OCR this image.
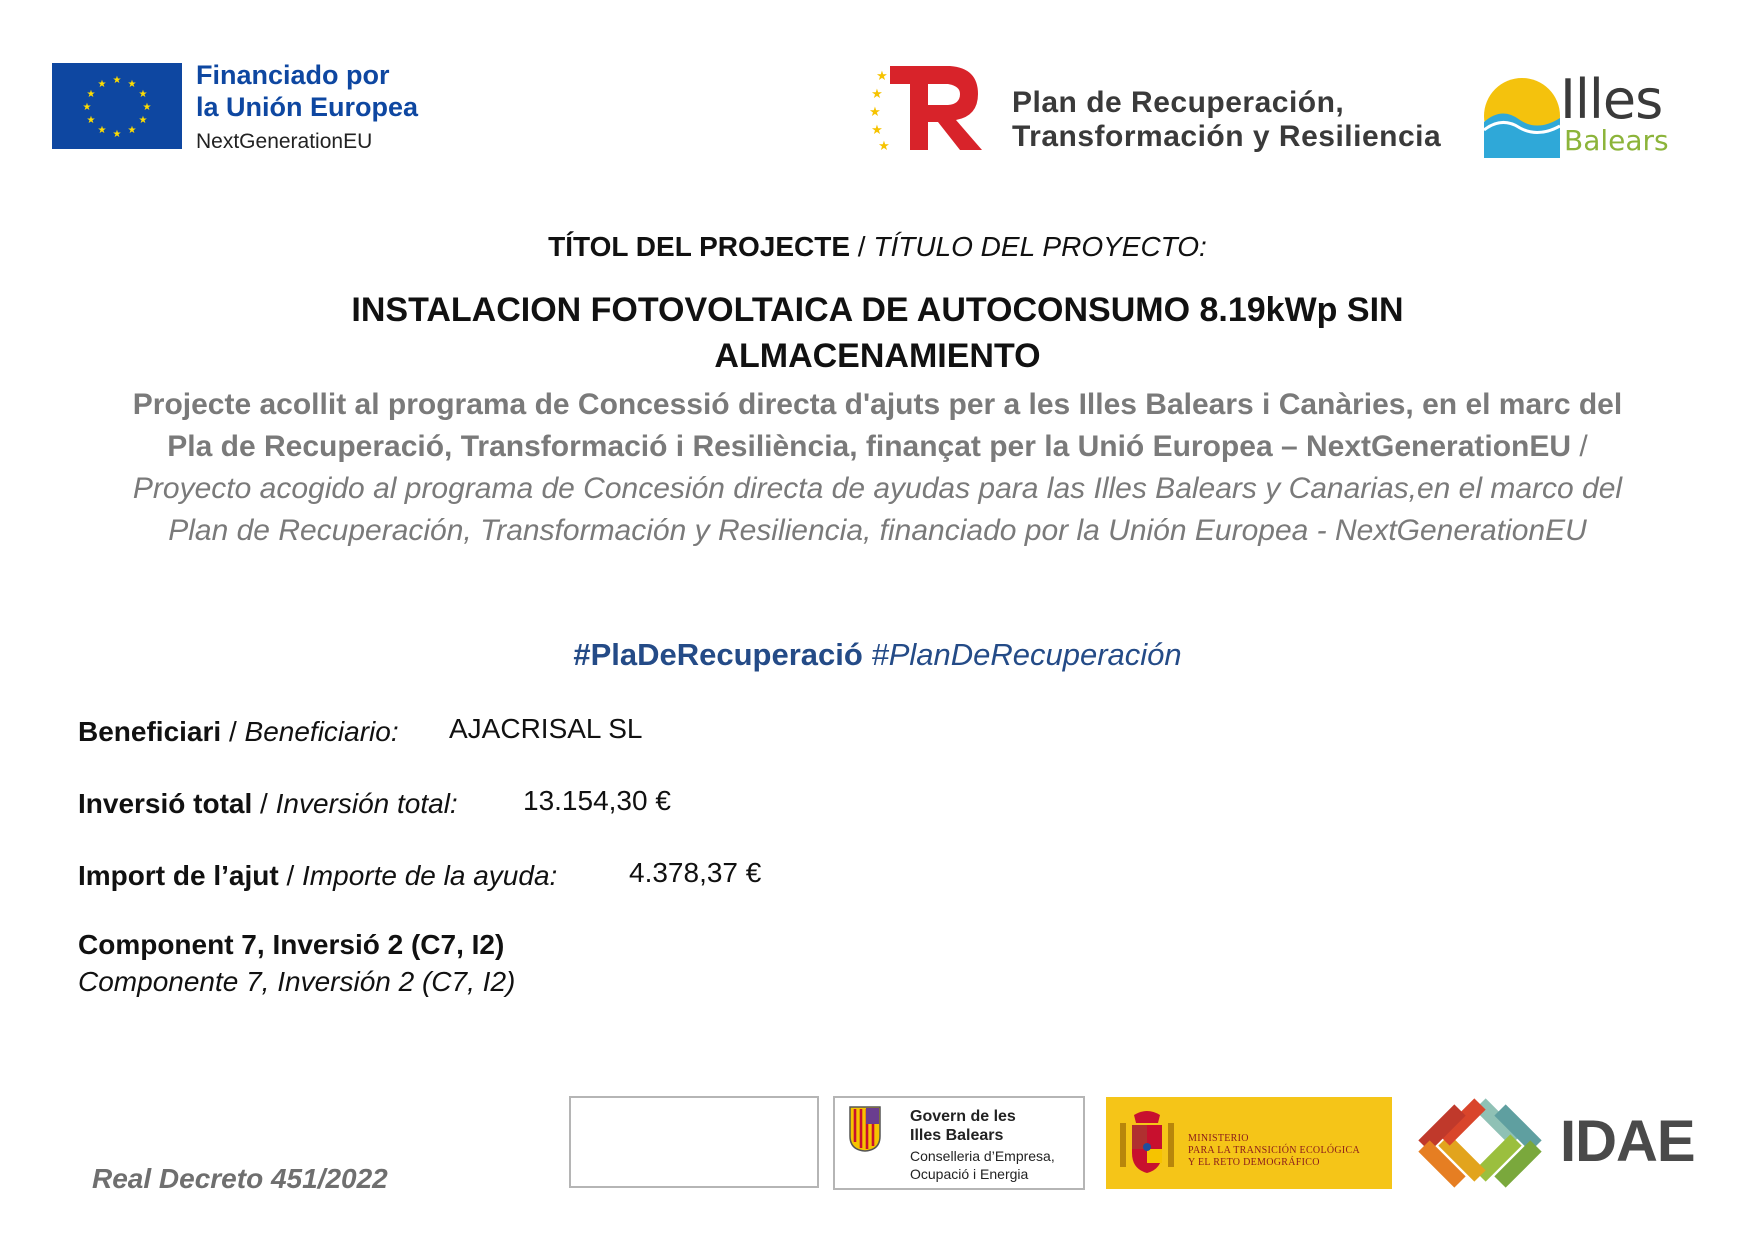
★ ★
★
★
★
★
★
★
★
★
★
★	Financiado por
la Unión Europea
NextGenerationEU
★
★
★
★
★
Plan de Recuperación,
Transformación y Resiliencia
Illes
Balears
TÍTOL DEL PROJECTE / TÍTULO DEL PROYECTO:
INSTALACION FOTOVOLTAICA DE AUTOCONSUMO 8.19kWp SIN ALMACENAMIENTO
Projecte acollit al programa de Concessió directa d'ajuts per a les Illes Balears i Canàries, en el marc del Pla de Recuperació, Transformació i Resiliència, finançat per la Unió Europea – NextGenerationEU / Proyecto acogido al programa de Concesión directa de ayudas para las Illes Balears y Canarias,en el marco del Plan de Recuperación, Transformación y Resiliencia, financiado por la Unión Europea - NextGenerationEU
#PlaDeRecuperació #PlanDeRecuperación
Beneficiari / Beneficiario: AJACRISAL SL
Inversió total / Inversión total: 13.154,30 €
Import de l’ajut / Importe de la ayuda:	4.378,37 €
Component 7, Inversió 2 (C7, I2)
Componente 7, Inversión 2 (C7, I2)
Real Decreto 451/2022
Govern de les
Illes Balears
Conselleria d’Empresa,
Ocupació i Energia
MINISTERIO
PARA LA TRANSICIÓN ECOLÓGICA
Y EL RETO DEMOGRÁFICO	IDAE
